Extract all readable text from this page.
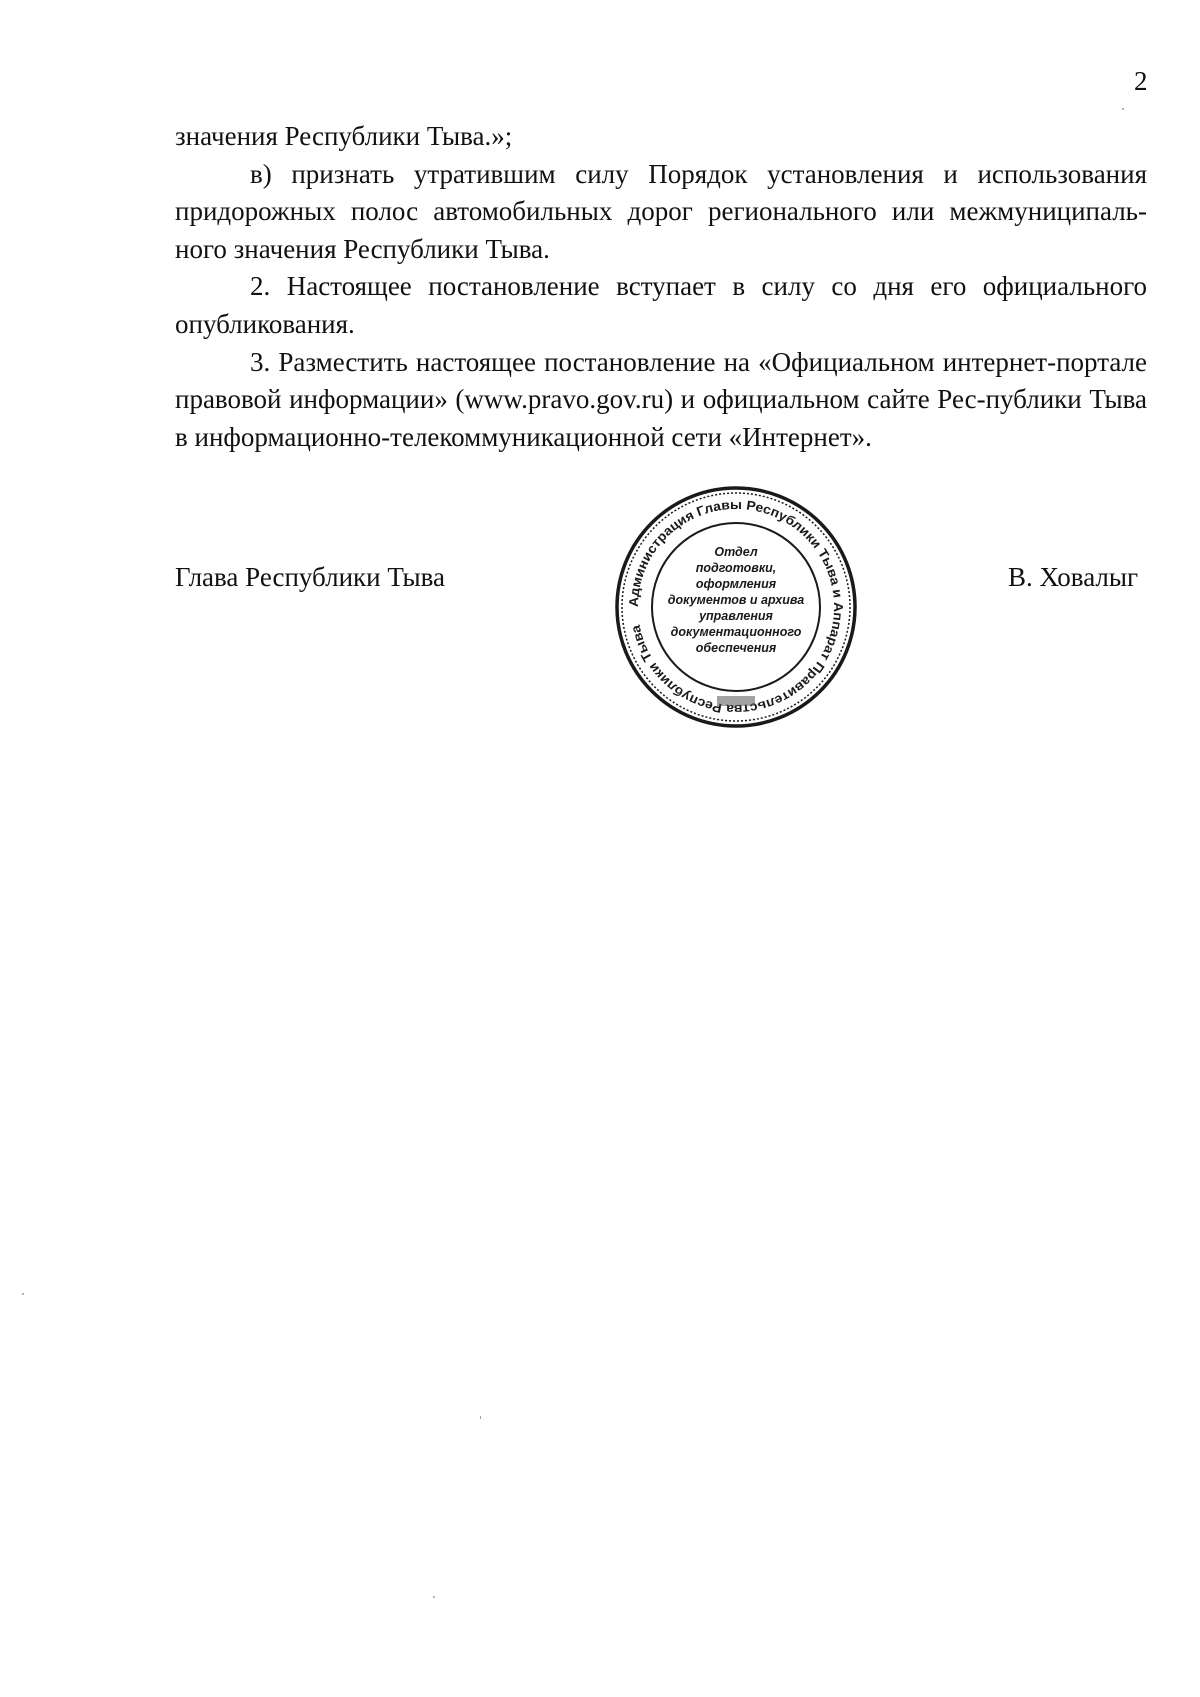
2

значения Республики Тыва.»;

в) признать утратившим силу Порядок установления и использования придорожных полос автомобильных дорог регионального или межмуниципаль-ного значения Республики Тыва.

2. Настоящее постановление вступает в силу со дня его официального опубликования.

3. Разместить настоящее постановление на «Официальном интернет-портале правовой информации» (www.pravo.gov.ru) и официальном сайте Рес-публики Тыва в информационно-телекоммуникационной сети «Интернет».

Глава Республики Тыва	В. Ховалыг
Администрация Главы Республики Тыва и Аппарат Правительства Республики Тыва
Отдел
подготовки,
оформления
документов и архива
управления
документационного
обеспечения
